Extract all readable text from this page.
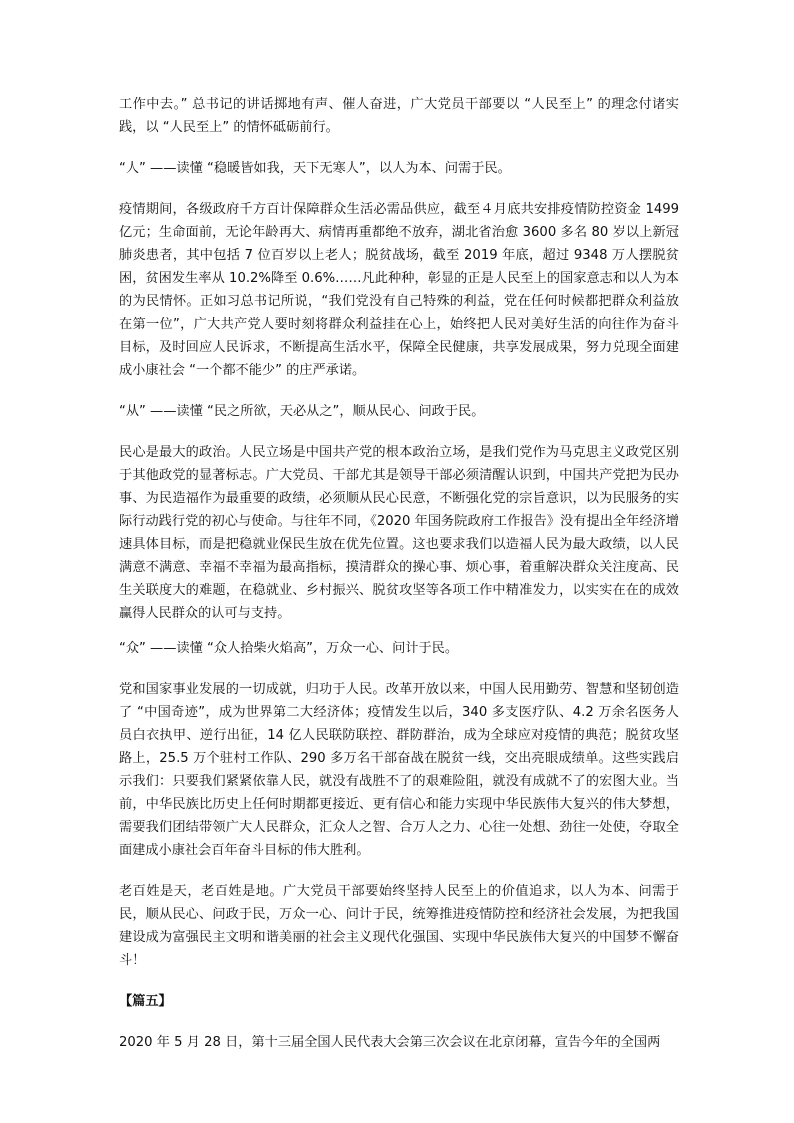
工作中去。” 总书记的讲话掷地有声、催人奋进，广大党员干部要以 “人民至上” 的理念付诸实践，以 “人民至上” 的情怀砥砺前行。

“人” ——读懂 “稳暖皆如我，天下无寒人”，以人为本、问需于民。

疫情期间，各级政府千方百计保障群众生活必需品供应，截至４月底共安排疫情防控资金 1499 亿元；生命面前，无论年龄再大、病情再重都绝不放弃，湖北省治愈 3600 多名 80 岁以上新冠肺炎患者，其中包括 7 位百岁以上老人；脱贫战场，截至 2019 年底，超过 9348 万人摆脱贫困，贫困发生率从 10.2%降至 0.6%……凡此种种，彰显的正是人民至上的国家意志和以人为本的为民情怀。正如习总书记所说，“我们党没有自己特殊的利益，党在任何时候都把群众利益放在第一位”，广大共产党人要时刻将群众利益挂在心上，始终把人民对美好生活的向往作为奋斗目标，及时回应人民诉求，不断提高生活水平，保障全民健康，共享发展成果，努力兑现全面建成小康社会 “一个都不能少” 的庄严承诺。

“从” ——读懂 “民之所欲，天必从之”，顺从民心、问政于民。

民心是最大的政治。人民立场是中国共产党的根本政治立场，是我们党作为马克思主义政党区别于其他政党的显著标志。广大党员、干部尤其是领导干部必须清醒认识到，中国共产党把为民办事、为民造福作为最重要的政绩，必须顺从民心民意，不断强化党的宗旨意识，以为民服务的实际行动践行党的初心与使命。与往年不同，《2020 年国务院政府工作报告》没有提出全年经济增速具体目标，而是把稳就业保民生放在优先位置。这也要求我们以造福人民为最大政绩，以人民满意不满意、幸福不幸福为最高指标，摸清群众的操心事、烦心事，着重解决群众关注度高、民生关联度大的难题，在稳就业、乡村振兴、脱贫攻坚等各项工作中精准发力，以实实在在的成效赢得人民群众的认可与支持。

“众” ——读懂 “众人拾柴火焰高”，万众一心、问计于民。

党和国家事业发展的一切成就，归功于人民。改革开放以来，中国人民用勤劳、智慧和坚韧创造了 “中国奇迹”，成为世界第二大经济体；疫情发生以后，340 多支医疗队、4.2 万余名医务人员白衣执甲、逆行出征，14 亿人民联防联控、群防群治，成为全球应对疫情的典范；脱贫攻坚路上，25.5 万个驻村工作队、290 多万名干部奋战在脱贫一线，交出亮眼成绩单。这些实践启示我们：只要我们紧紧依靠人民，就没有战胜不了的艰难险阻，就没有成就不了的宏图大业。当前，中华民族比历史上任何时期都更接近、更有信心和能力实现中华民族伟大复兴的伟大梦想，需要我们团结带领广大人民群众，汇众人之智、合万人之力、心往一处想、劲往一处使，夺取全面建成小康社会百年奋斗目标的伟大胜利。

老百姓是天，老百姓是地。广大党员干部要始终坚持人民至上的价值追求，以人为本、问需于民，顺从民心、问政于民，万众一心、问计于民，统筹推进疫情防控和经济社会发展，为把我国建设成为富强民主文明和谐美丽的社会主义现代化强国、实现中华民族伟大复兴的中国梦不懈奋斗！

【篇五】

2020 年 5 月 28 日，第十三届全国人民代表大会第三次会议在北京闭幕，宣告今年的全国两
